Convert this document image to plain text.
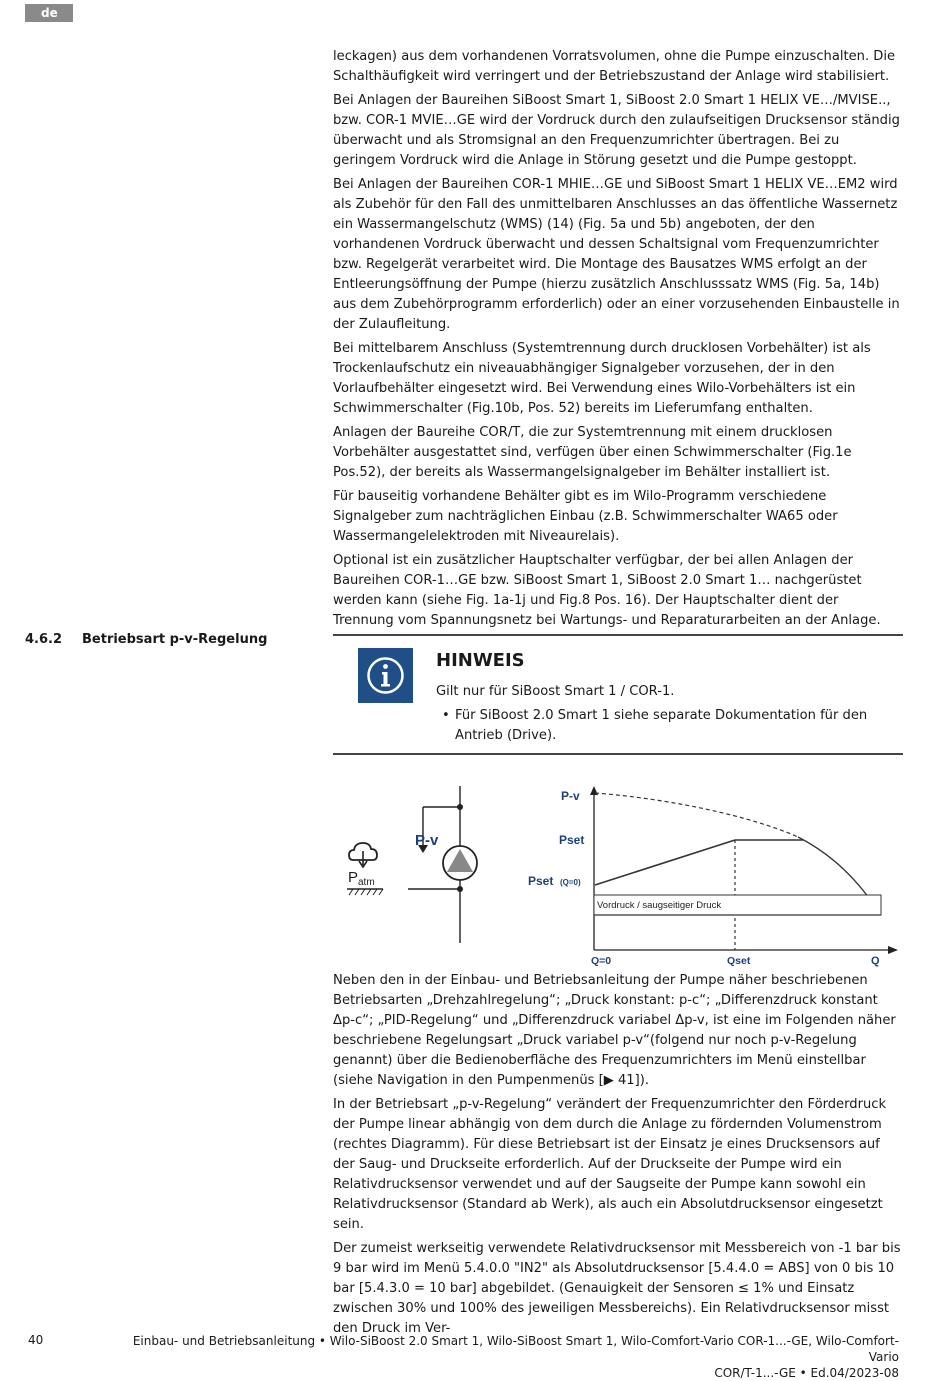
de

leckagen) aus dem vorhandenen Vorratsvolumen, ohne die Pumpe einzuschalten. Die Schalthäufigkeit wird verringert und der Betriebszustand der Anlage wird stabilisiert.

Bei Anlagen der Baureihen SiBoost Smart 1, SiBoost 2.0 Smart 1 HELIX VE…/MVISE.., bzw. COR-1 MVIE…GE wird der Vordruck durch den zulaufseitigen Drucksensor ständig überwacht und als Stromsignal an den Frequenzumrichter übertragen. Bei zu geringem Vordruck wird die Anlage in Störung gesetzt und die Pumpe gestoppt.

Bei Anlagen der Baureihen COR-1 MHIE…GE und SiBoost Smart 1 HELIX VE…EM2 wird als Zubehör für den Fall des unmittelbaren Anschlusses an das öffentliche Wassernetz ein Wassermangelschutz (WMS) (14) (Fig. 5a und 5b) angeboten, der den vorhandenen Vordruck überwacht und dessen Schaltsignal vom Frequenzumrichter bzw. Regelgerät verarbeitet wird. Die Montage des Bausatzes WMS erfolgt an der Entleerungsöffnung der Pumpe (hierzu zusätzlich Anschlusssatz WMS (Fig. 5a, 14b) aus dem Zubehörprogramm erforderlich) oder an einer vorzusehenden Einbaustelle in der Zulaufleitung.

Bei mittelbarem Anschluss (Systemtrennung durch drucklosen Vorbehälter) ist als Trockenlaufschutz ein niveauabhängiger Signalgeber vorzusehen, der in den Vorlaufbehälter eingesetzt wird. Bei Verwendung eines Wilo-Vorbehälters ist ein Schwimmerschalter (Fig.10b, Pos. 52) bereits im Lieferumfang enthalten.

Anlagen der Baureihe COR/T, die zur Systemtrennung mit einem drucklosen Vorbehälter ausgestattet sind, verfügen über einen Schwimmerschalter (Fig.1e Pos.52), der bereits als Wassermangelsignalgeber im Behälter installiert ist.

Für bauseitig vorhandene Behälter gibt es im Wilo-Programm verschiedene Signalgeber zum nachträglichen Einbau (z.B. Schwimmerschalter WA65 oder Wassermangelelektroden mit Niveaurelais).

Optional ist ein zusätzlicher Hauptschalter verfügbar, der bei allen Anlagen der Baureihen COR-1…GE bzw. SiBoost Smart 1, SiBoost 2.0 Smart 1… nachgerüstet werden kann (siehe Fig. 1a-1j und Fig.8 Pos. 16). Der Hauptschalter dient der Trennung vom Spannungsnetz bei Wartungs- und Reparaturarbeiten an der Anlage.

4.6.2 Betriebsart p-v-Regelung
HINWEIS
Gilt nur für SiBoost Smart 1 / COR-1.
• Für SiBoost 2.0 Smart 1 siehe separate Dokumentation für den Antrieb (Drive).
P-v
P atm
P-v
Pset
Pset (Q=0)
Vordruck / saugseitiger Druck
Q=0	Qset	Q

Neben den in der Einbau- und Betriebsanleitung der Pumpe näher beschriebenen Betriebsarten „Drehzahlregelung“; „Druck konstant: p-c“; „Differenzdruck konstant Δp-c“; „PID-Regelung“ und „Differenzdruck variabel Δp-v, ist eine im Folgenden näher beschriebene Regelungsart „Druck variabel p-v“(folgend nur noch p-v-Regelung genannt) über die Bedienoberfläche des Frequenzumrichters im Menü einstellbar (siehe Navigation in den Pumpenmenüs [▶ 41]).

In der Betriebsart „p-v-Regelung“ verändert der Frequenzumrichter den Förderdruck der Pumpe linear abhängig von dem durch die Anlage zu fördernden Volumenstrom (rechtes Diagramm). Für diese Betriebsart ist der Einsatz je eines Drucksensors auf der Saug- und Druckseite erforderlich. Auf der Druckseite der Pumpe wird ein Relativdrucksensor verwendet und auf der Saugseite der Pumpe kann sowohl ein Relativdrucksensor (Standard ab Werk), als auch ein Absolutdrucksensor eingesetzt sein.

Der zumeist werkseitig verwendete Relativdrucksensor mit Messbereich von -1 bar bis 9 bar wird im Menü 5.4.0.0 "IN2" als Absolutdrucksensor [5.4.4.0 = ABS] von 0 bis 10 bar [5.4.3.0 = 10 bar] abgebildet. (Genauigkeit der Sensoren ≤ 1% und Einsatz zwischen 30% und 100% des jeweiligen Messbereichs). Ein Relativdrucksensor misst den Druck im Ver-

40	Einbau- und Betriebsanleitung • Wilo-SiBoost 2.0 Smart 1, Wilo-SiBoost Smart 1, Wilo-Comfort-Vario COR-1...-GE, Wilo-Comfort-Vario
COR/T-1...-GE • Ed.04/2023-08
